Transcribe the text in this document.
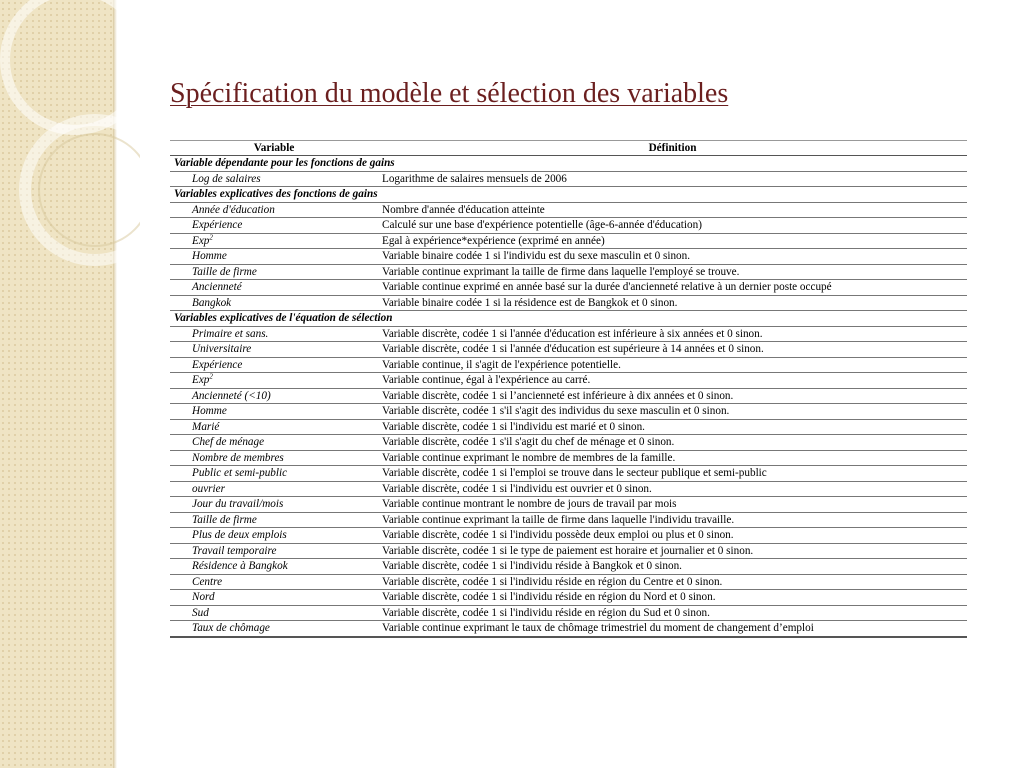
Spécification du modèle et sélection des variables
Variable	Définition
Variable dépendante pour les fonctions de gains	
Log de salaires	Logarithme de salaires mensuels de 2006
Variables explicatives des fonctions de gains	
Année d'éducation	Nombre d'année d'éducation atteinte
Expérience	Calculé sur une base d'expérience potentielle (âge-6-année d'éducation)
Exp$^2$	Egal à expérience*expérience (exprimé en année)
Homme	Variable binaire codée 1 si l'individu est du sexe masculin et 0 sinon.
Taille de firme	Variable continue exprimant la taille de firme dans laquelle l'employé se trouve.
Ancienneté	Variable continue exprimé en année basé sur la durée d'ancienneté relative à un dernier poste occupé
Bangkok	Variable binaire codée 1 si la résidence est de Bangkok et 0 sinon.
Variables explicatives de l'équation de sélection	
Primaire et sans.	Variable discrète, codée 1 si l'année d'éducation est inférieure à six années et 0 sinon.
Universitaire	Variable discrète, codée 1 si l'année d'éducation est supérieure à 14 années et 0 sinon.
Expérience	Variable continue, il s'agit de l'expérience potentielle.
Exp$^2$	Variable continue, égal à l'expérience au carré.
Ancienneté (<10)	Variable discrète, codée 1 si l’ancienneté est inférieure à dix années et 0 sinon.
Homme	Variable discrète, codée 1 s'il s'agit des individus du sexe masculin et 0 sinon.
Marié	Variable discrète, codée 1 si l'individu est marié et 0 sinon.
Chef de ménage	Variable discrète, codée 1 s'il s'agit du chef de ménage et 0 sinon.
Nombre de membres	Variable continue exprimant le nombre de membres de la famille.
Public et semi-public	Variable discrète, codée 1 si l'emploi se trouve dans le secteur publique et semi-public
ouvrier	Variable discrète, codée 1 si l'individu est ouvrier et 0 sinon.
Jour du travail/mois	Variable continue montrant le nombre de jours de travail par mois
Taille de firme	Variable continue exprimant la taille de firme dans laquelle l'individu travaille.
Plus de deux emplois	Variable discrète, codée 1 si l'individu possède deux emploi ou plus et 0 sinon.
Travail temporaire	Variable discrète, codée 1 si le type de paiement est horaire et journalier et 0 sinon.
Résidence à Bangkok	Variable discrète, codée 1 si l'individu réside à Bangkok et 0 sinon.
Centre	Variable discrète, codée 1 si l'individu réside en région du Centre et 0 sinon.
Nord	Variable discrète, codée 1 si l'individu réside en région du Nord et 0 sinon.
Sud	Variable discrète, codée 1 si l'individu réside en région du Sud et 0 sinon.
Taux de chômage	Variable continue exprimant le taux de chômage trimestriel du moment de changement d’emploi
